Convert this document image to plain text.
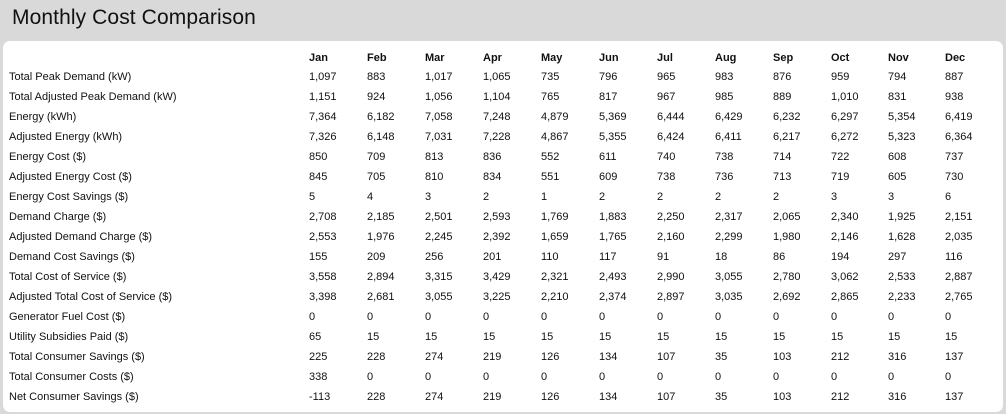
Monthly Cost Comparison
	Jan	Feb	Mar	Apr	May	Jun	Jul	Aug	Sep	Oct	Nov	Dec
Total Peak Demand (kW)	1,097	883	1,017	1,065	735	796	965	983	876	959	794	887
Total Adjusted Peak Demand (kW)	1,151	924	1,056	1,104	765	817	967	985	889	1,010	831	938
Energy (kWh)	7,364	6,182	7,058	7,248	4,879	5,369	6,444	6,429	6,232	6,297	5,354	6,419
Adjusted Energy (kWh)	7,326	6,148	7,031	7,228	4,867	5,355	6,424	6,411	6,217	6,272	5,323	6,364
Energy Cost ($)	850	709	813	836	552	611	740	738	714	722	608	737
Adjusted Energy Cost ($)	845	705	810	834	551	609	738	736	713	719	605	730
Energy Cost Savings ($)	5	4	3	2	1	2	2	2	2	3	3	6
Demand Charge ($)	2,708	2,185	2,501	2,593	1,769	1,883	2,250	2,317	2,065	2,340	1,925	2,151
Adjusted Demand Charge ($)	2,553	1,976	2,245	2,392	1,659	1,765	2,160	2,299	1,980	2,146	1,628	2,035
Demand Cost Savings ($)	155	209	256	201	110	117	91	18	86	194	297	116
Total Cost of Service ($)	3,558	2,894	3,315	3,429	2,321	2,493	2,990	3,055	2,780	3,062	2,533	2,887
Adjusted Total Cost of Service ($)	3,398	2,681	3,055	3,225	2,210	2,374	2,897	3,035	2,692	2,865	2,233	2,765
Generator Fuel Cost ($)	0	0	0	0	0	0	0	0	0	0	0	0
Utility Subsidies Paid ($)	65	15	15	15	15	15	15	15	15	15	15	15
Total Consumer Savings ($)	225	228	274	219	126	134	107	35	103	212	316	137
Total Consumer Costs ($)	338	0	0	0	0	0	0	0	0	0	0	0
Net Consumer Savings ($)	-113	228	274	219	126	134	107	35	103	212	316	137
